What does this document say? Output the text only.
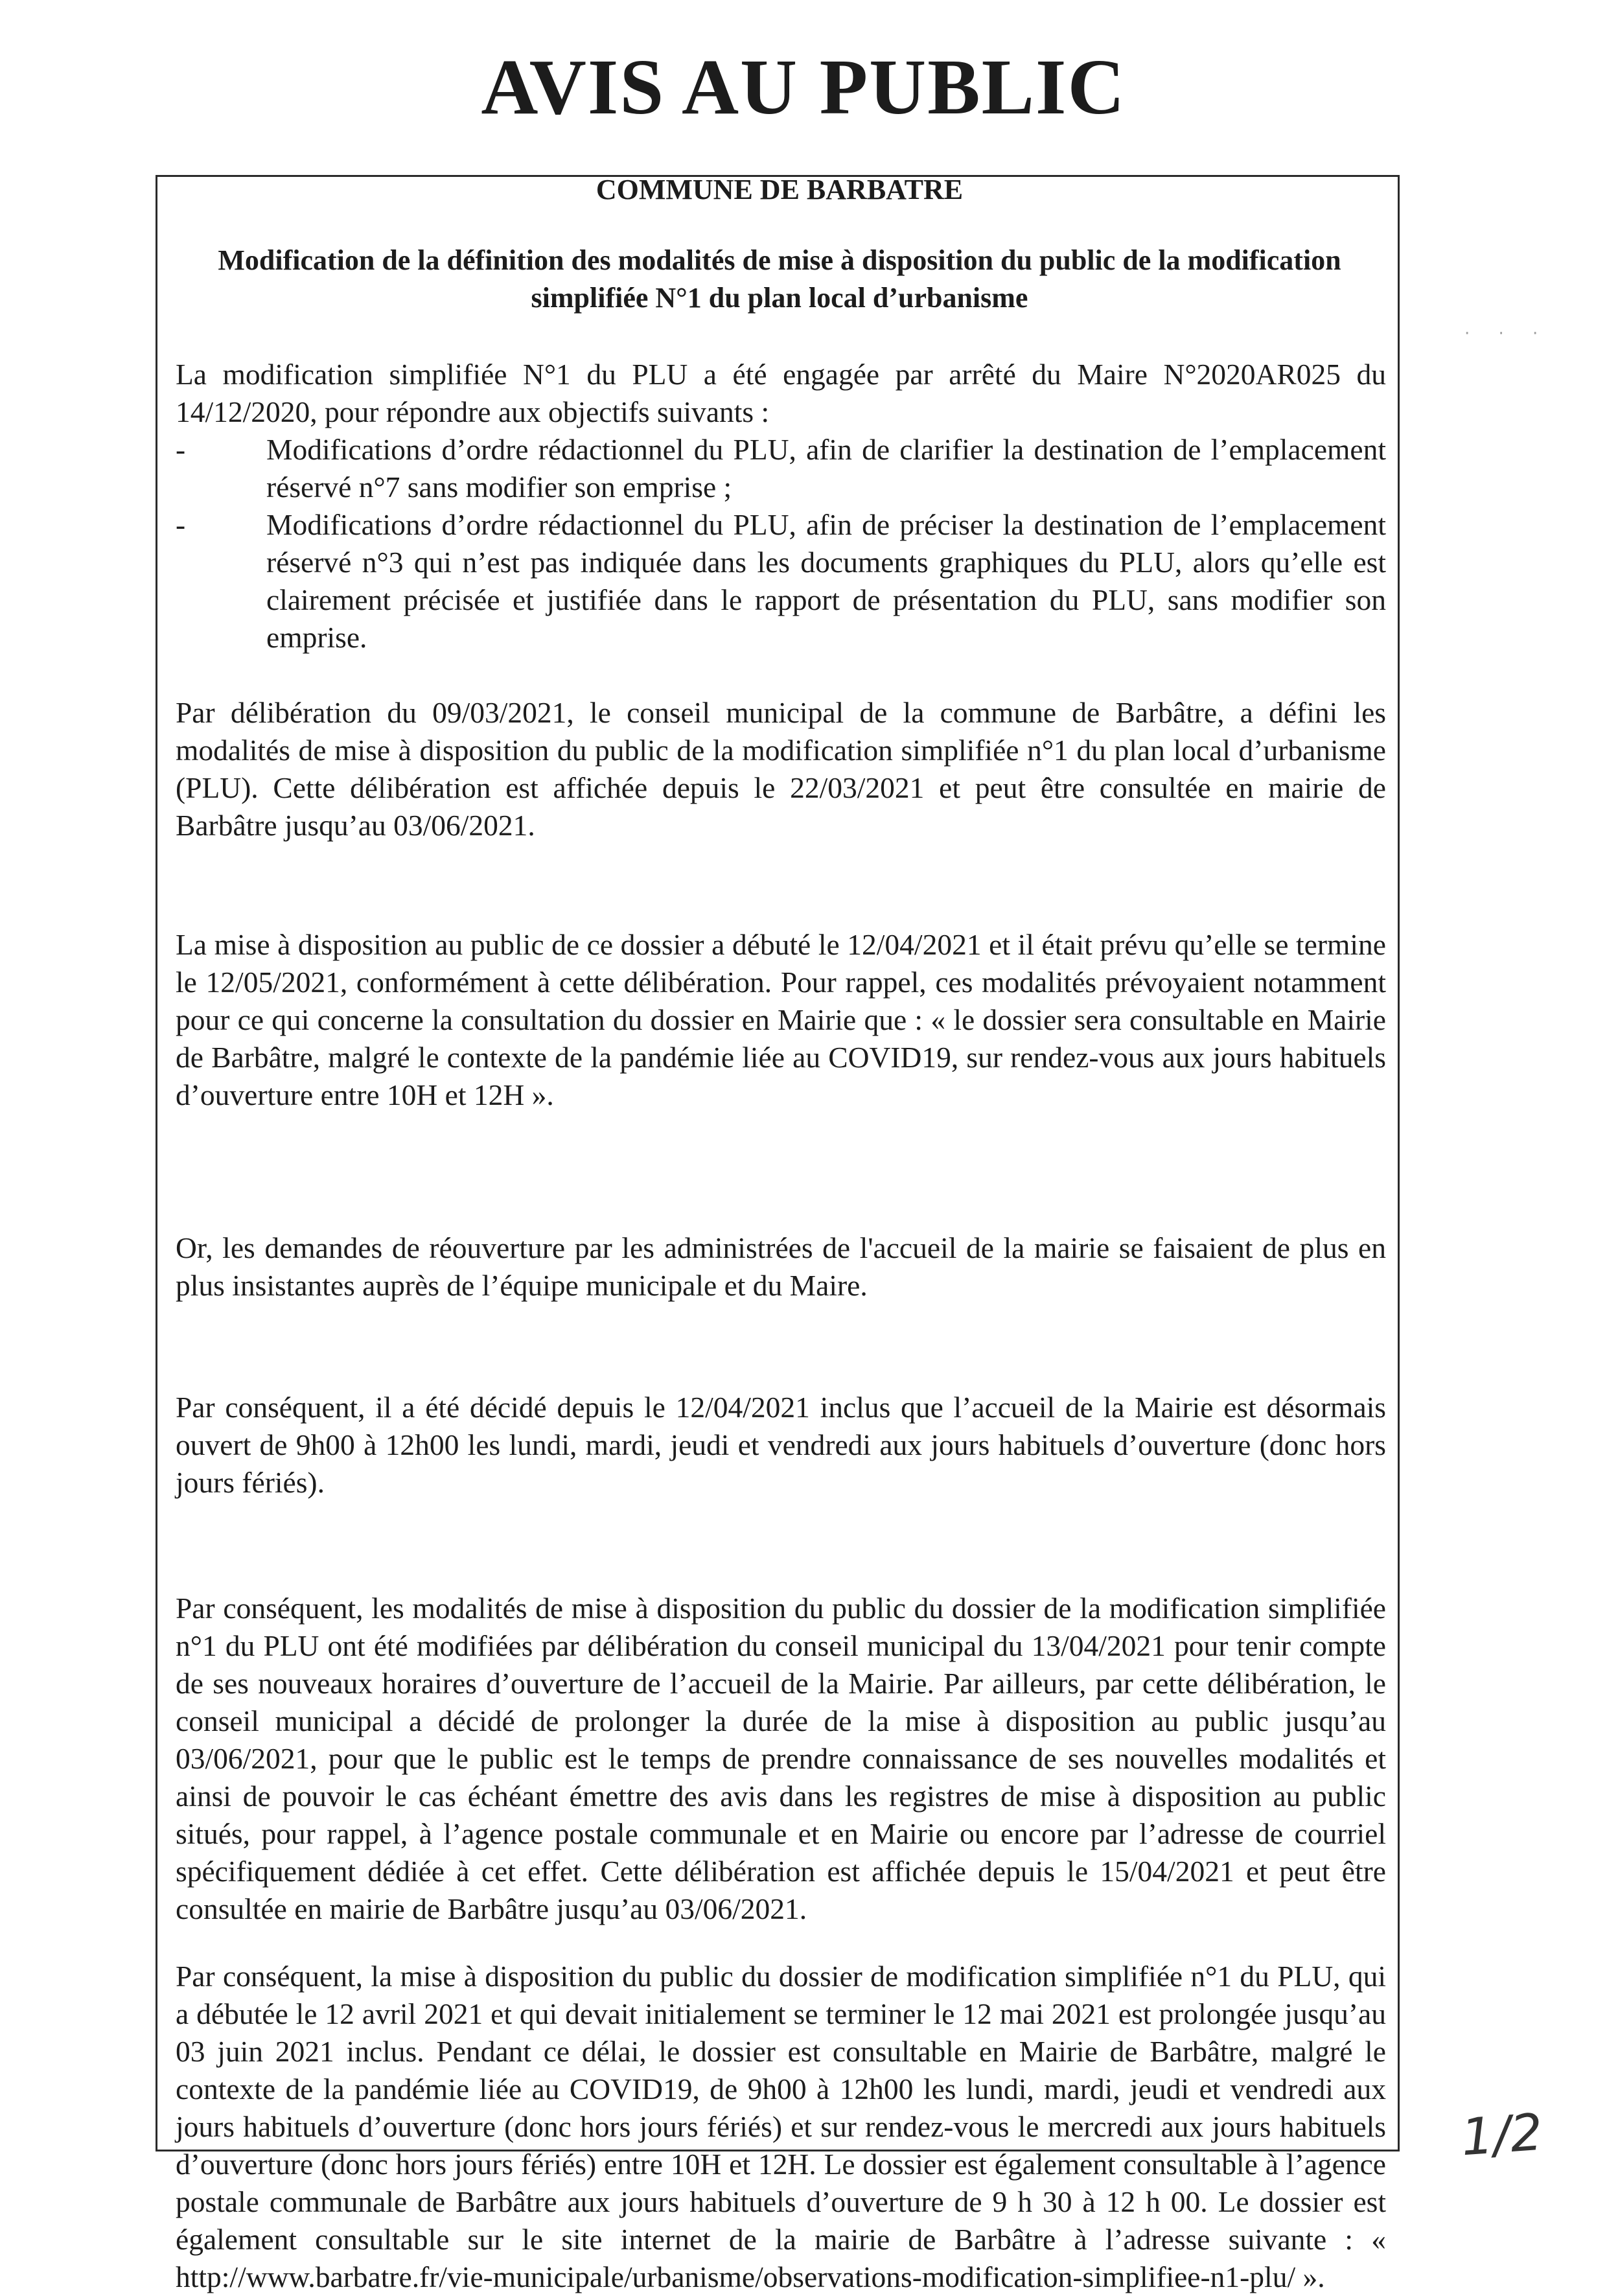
AVIS AU PUBLIC
COMMUNE DE BARBATRE
Modification de la définition des modalités de mise à disposition du public de la modification simplifiée N°1 du plan local d’urbanisme

La modification simplifiée N°1 du PLU a été engagée par arrêté du Maire N°2020AR025 du 14/12/2020, pour répondre aux objectifs suivants :

-	Modifications d’ordre rédactionnel du PLU, afin de clarifier la destination de l’emplacement réservé n°7 sans modifier son emprise ;
-	Modifications d’ordre rédactionnel du PLU, afin de préciser la destination de l’emplacement réservé n°3 qui n’est pas indiquée dans les documents graphiques du PLU, alors qu’elle est clairement précisée et justifiée dans le rapport de présentation du PLU, sans modifier son emprise.

Par délibération du 09/03/2021, le conseil municipal de la commune de Barbâtre, a défini les modalités de mise à disposition du public de la modification simplifiée n°1 du plan local d’urbanisme (PLU). Cette délibération est affichée depuis le 22/03/2021 et peut être consultée en mairie de Barbâtre jusqu’au 03/06/2021.

La mise à disposition au public de ce dossier a débuté le 12/04/2021 et il était prévu qu’elle se termine le 12/05/2021, conformément à cette délibération. Pour rappel, ces modalités prévoyaient notamment pour ce qui concerne la consultation du dossier en Mairie que : « le dossier sera consultable en Mairie de Barbâtre, malgré le contexte de la pandémie liée au COVID19, sur rendez-vous aux jours habituels d’ouverture entre 10H et 12H ».

Or, les demandes de réouverture par les administrées de l'accueil de la mairie se faisaient de plus en plus insistantes auprès de l’équipe municipale et du Maire.

Par conséquent, il a été décidé depuis le 12/04/2021 inclus que l’accueil de la Mairie est désormais ouvert de 9h00 à 12h00 les lundi, mardi, jeudi et vendredi aux jours habituels d’ouverture (donc hors jours fériés).

Par conséquent, les modalités de mise à disposition du public du dossier de la modification simplifiée n°1 du PLU ont été modifiées par délibération du conseil municipal du 13/04/2021 pour tenir compte de ses nouveaux horaires d’ouverture de l’accueil de la Mairie. Par ailleurs, par cette délibération, le conseil municipal a décidé de prolonger la durée de la mise à disposition au public jusqu’au 03/06/2021, pour que le public est le temps de prendre connaissance de ses nouvelles modalités et ainsi de pouvoir le cas échéant émettre des avis dans les registres de mise à disposition au public situés, pour rappel, à l’agence postale communale et en Mairie ou encore par l’adresse de courriel spécifiquement dédiée à cet effet. Cette délibération est affichée depuis le 15/04/2021 et peut être consultée en mairie de Barbâtre jusqu’au 03/06/2021.

Par conséquent, la mise à disposition du public du dossier de modification simplifiée n°1 du PLU, qui a débutée le 12 avril 2021 et qui devait initialement se terminer le 12 mai 2021 est prolongée jusqu’au 03 juin 2021 inclus. Pendant ce délai, le dossier est consultable en Mairie de Barbâtre, malgré le contexte de la pandémie liée au COVID19, de 9h00 à 12h00 les lundi, mardi, jeudi et vendredi aux jours habituels d’ouverture (donc hors jours fériés) et sur rendez-vous le mercredi aux jours habituels d’ouverture (donc hors jours fériés) entre 10H et 12H. Le dossier est également consultable à l’agence postale communale de Barbâtre aux jours habituels d’ouverture de 9 h 30 à 12 h 00. Le dossier est également consultable sur le site internet de la mairie de Barbâtre à l’adresse suivante : « http://www.barbatre.fr/vie-municipale/urbanisme/observations-modification-simplifiee-n1-plu/ ».

· · ·
1/2
